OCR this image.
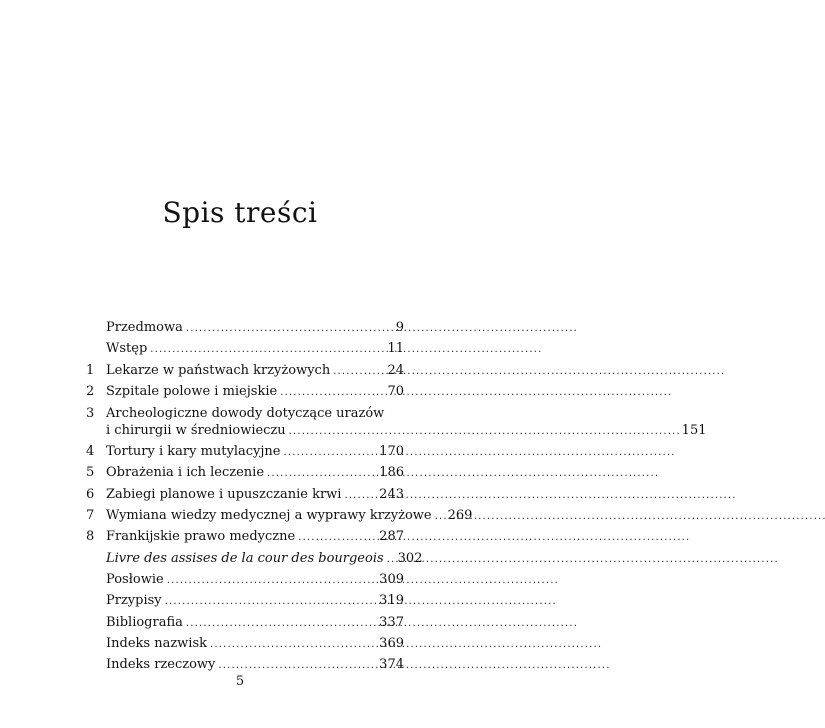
Spis treści
Przedmowa . . .	9
Wstęp . . .	11
1 Lekarze w państwach krzyżowych . . .	24
2 Szpitale polowe i miejskie . . .	70
3 Archeologiczne dowody dotyczące urazów
i chirurgii w średniowieczu . . .	151
4 Tortury i kary mutylacyjne . . .	170
5 Obrażenia i ich leczenie . . .	186
6 Zabiegi planowe i upuszczanie krwi . . .	243
7 Wymiana wiedzy medycznej a wyprawy krzyżowe . . . 269
8 Frankijskie prawo medyczne . . .	287
Livre des assises de la cour des bourgeois . . . 302
Posłowie . . .	309
Przypisy . . .	319
Bibliografia . . .	337
Indeks nazwisk . . .	369
Indeks rzeczowy . . .	374
5
